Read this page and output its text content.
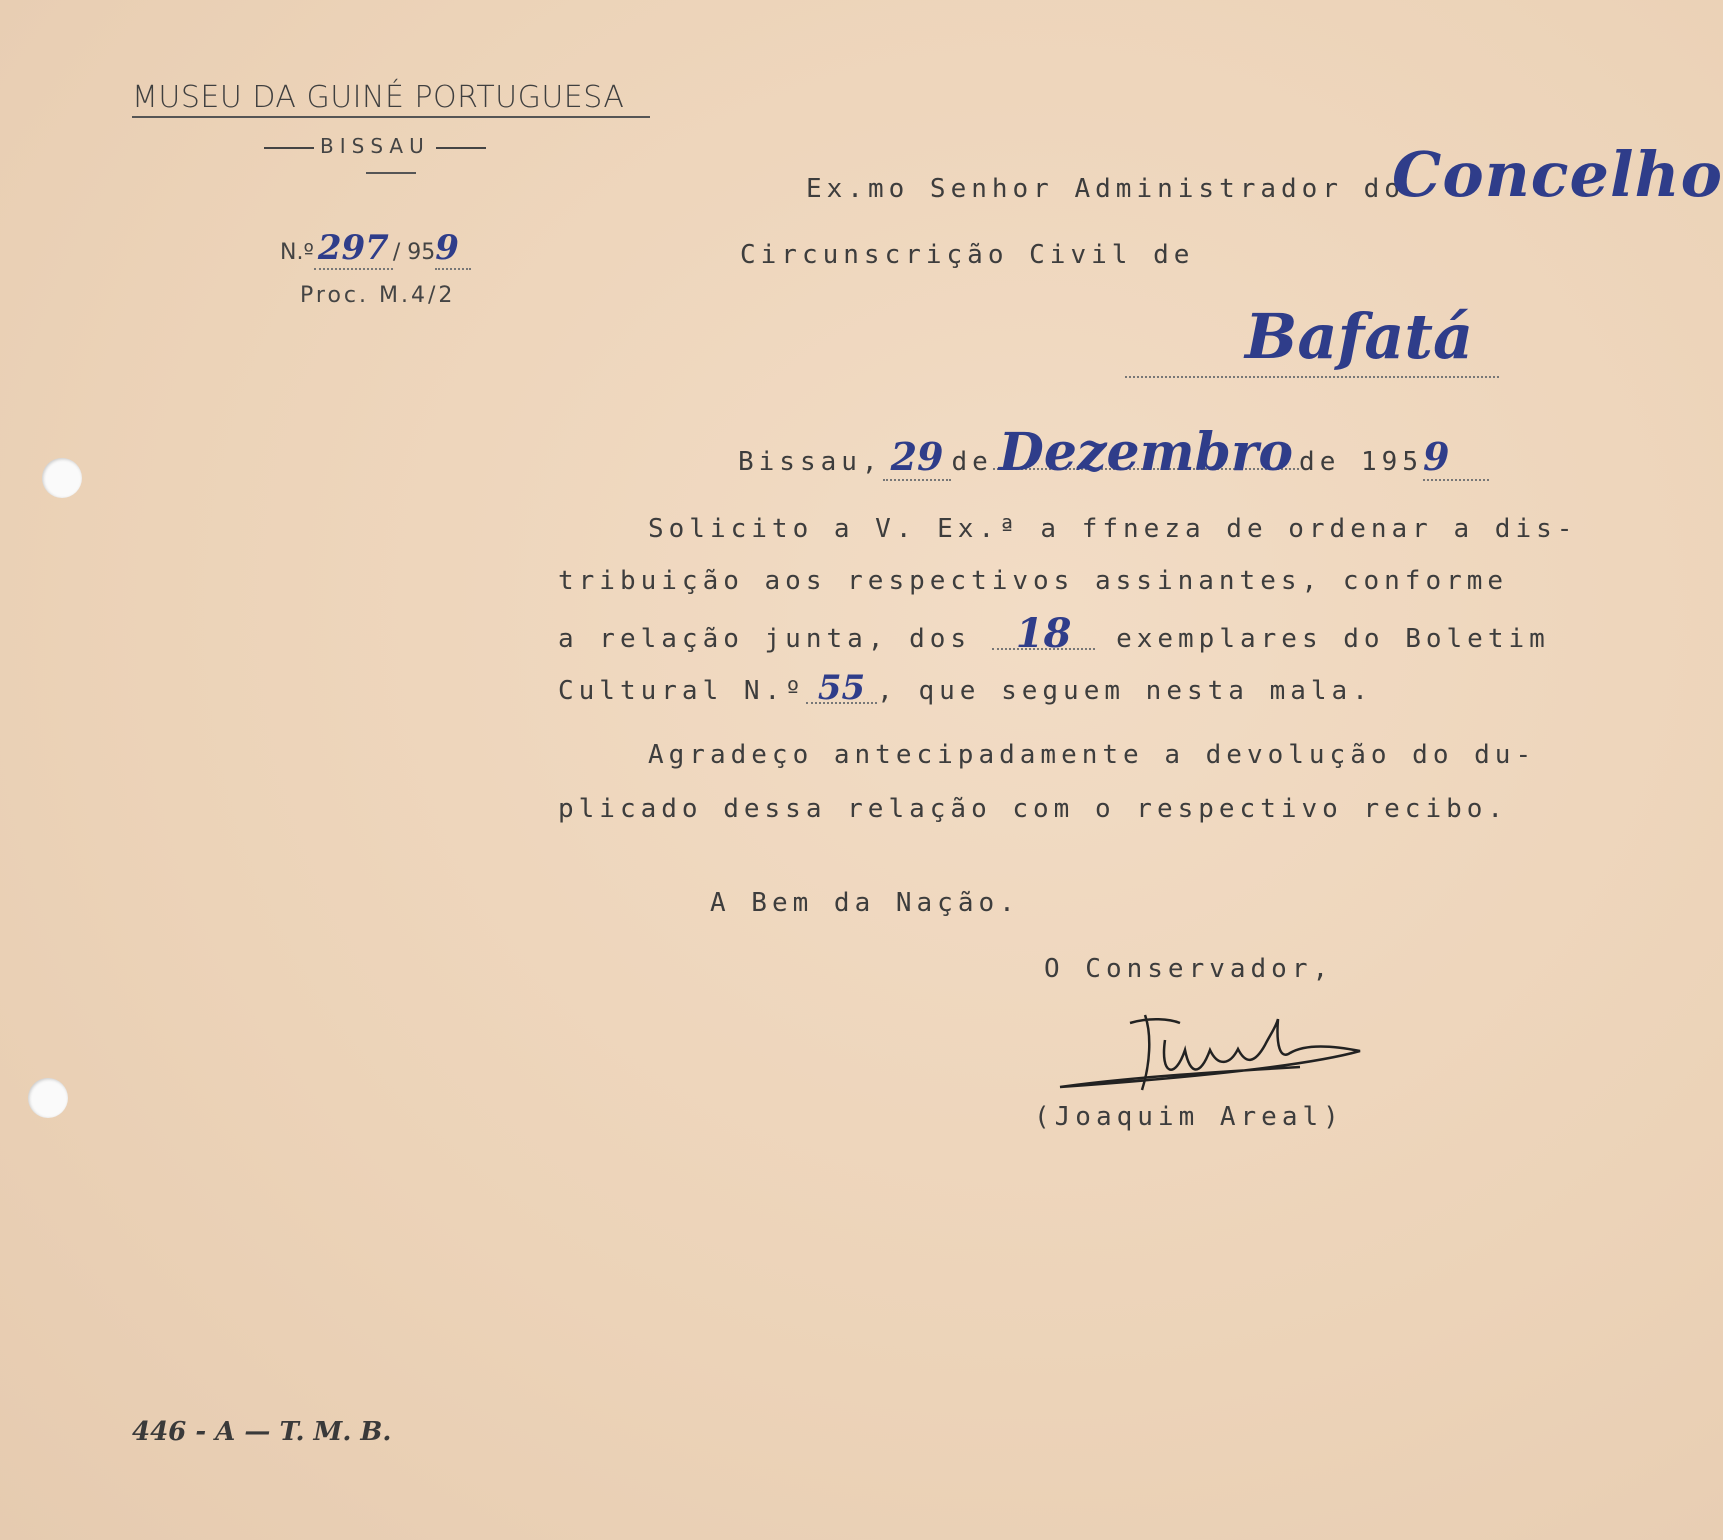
MUSEU DA GUINÉ PORTUGUESA
BISSAU
N.º 297 / 959
Proc. M.4/2
Ex.mo Senhor Administrador do
Concelho
Circunscrição Civil de
Bafatá
Bissau, 29 de Dezembro de 1959
Solicito a V. Ex.ª a ffneza de ordenar a dis-
tribuição aos respectivos assinantes, conforme
a relação junta, dos 18 exemplares do Boletim
Cultural N.º 55 , que seguem nesta mala.
Agradeço antecipadamente a devolução do du-
plicado dessa relação com o respectivo recibo.
A Bem da Nação.
O Conservador,
(Joaquim Areal)
446 - A — T. M. B.
